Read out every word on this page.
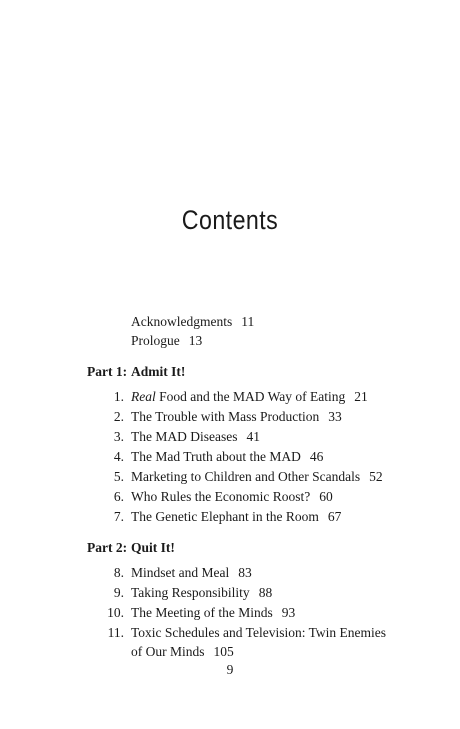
Contents
Acknowledgments 11
Prologue 13
Part 1: Admit It!
1. Real Food and the MAD Way of Eating 21
2. The Trouble with Mass Production 33
3. The MAD Diseases 41
4. The Mad Truth about the MAD 46
5. Marketing to Children and Other Scandals 52
6. Who Rules the Economic Roost? 60
7. The Genetic Elephant in the Room 67
Part 2: Quit It!
8. Mindset and Meal 83
9. Taking Responsibility 88
10. The Meeting of the Minds 93
11. Toxic Schedules and Television: Twin Enemies
of Our Minds 105
9
